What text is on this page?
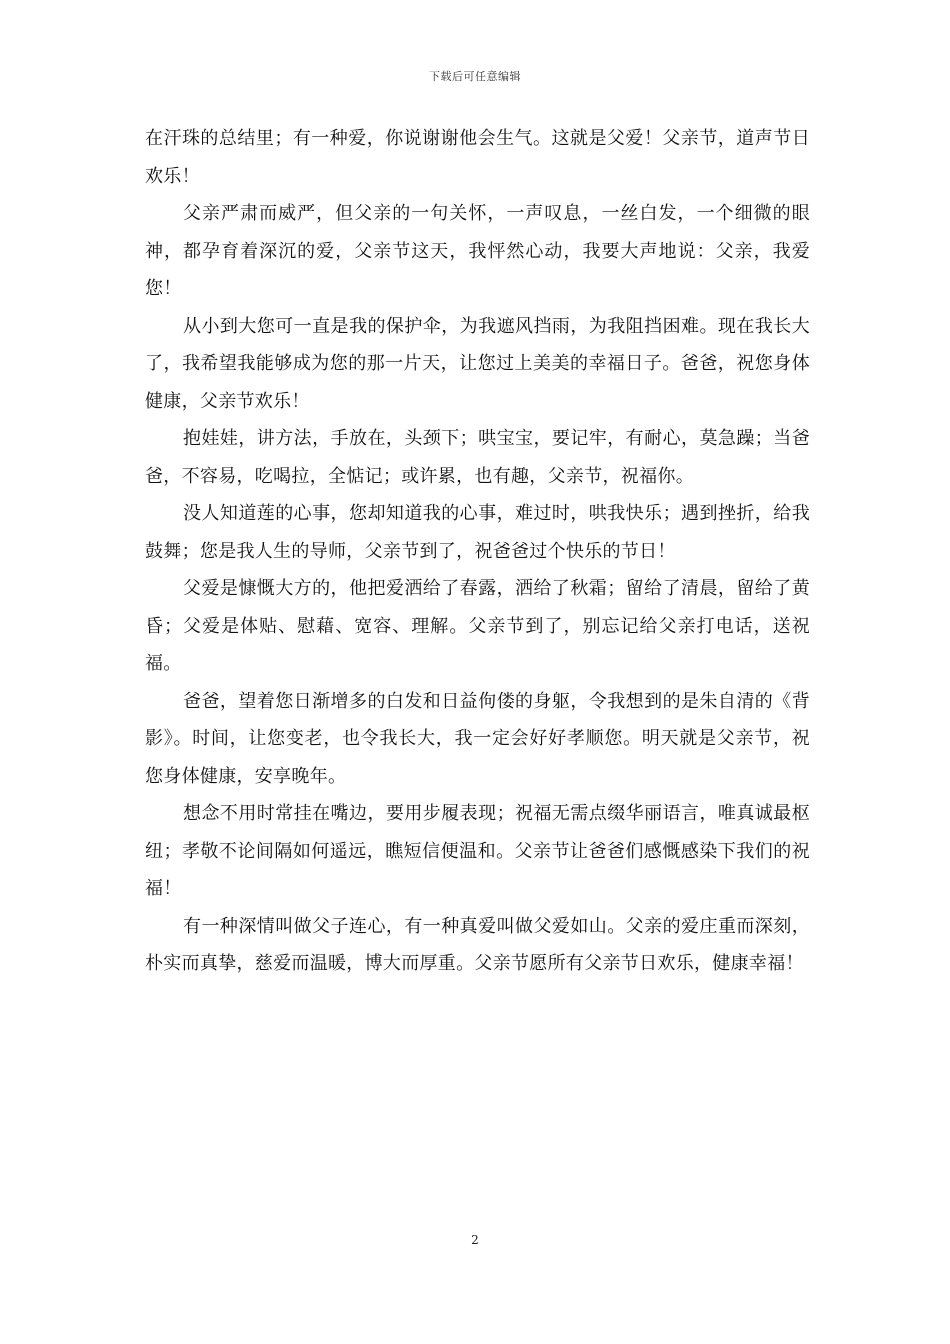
下载后可任意编辑

在汗珠的总结里；有一种爱，你说谢谢他会生气。这就是父爱！父亲节，道声节日欢乐！

父亲严肃而威严，但父亲的一句关怀，一声叹息，一丝白发，一个细微的眼神，都孕育着深沉的爱，父亲节这天，我怦然心动，我要大声地说：父亲，我爱您！

从小到大您可一直是我的保护伞，为我遮风挡雨，为我阻挡困难。现在我长大了，我希望我能够成为您的那一片天，让您过上美美的幸福日子。爸爸，祝您身体健康，父亲节欢乐！

抱娃娃，讲方法，手放在，头颈下；哄宝宝，要记牢，有耐心，莫急躁；当爸爸，不容易，吃喝拉，全惦记；或许累，也有趣，父亲节，祝福你。

没人知道莲的心事，您却知道我的心事，难过时，哄我快乐；遇到挫折，给我鼓舞；您是我人生的导师，父亲节到了，祝爸爸过个快乐的节日！

父爱是慷慨大方的，他把爱洒给了春露，洒给了秋霜；留给了清晨，留给了黄昏；父爱是体贴、慰藉、宽容、理解。父亲节到了，别忘记给父亲打电话，送祝福。

爸爸，望着您日渐增多的白发和日益佝偻的身躯，令我想到的是朱自清的《背影》。时间，让您变老，也令我长大，我一定会好好孝顺您。明天就是父亲节，祝您身体健康，安享晚年。

想念不用时常挂在嘴边，要用步履表现；祝福无需点缀华丽语言，唯真诚最枢纽；孝敬不论间隔如何遥远，瞧短信便温和。父亲节让爸爸们感慨感染下我们的祝福！

有一种深情叫做父子连心，有一种真爱叫做父爱如山。父亲的爱庄重而深刻，朴实而真挚，慈爱而温暖，博大而厚重。父亲节愿所有父亲节日欢乐，健康幸福！

2
